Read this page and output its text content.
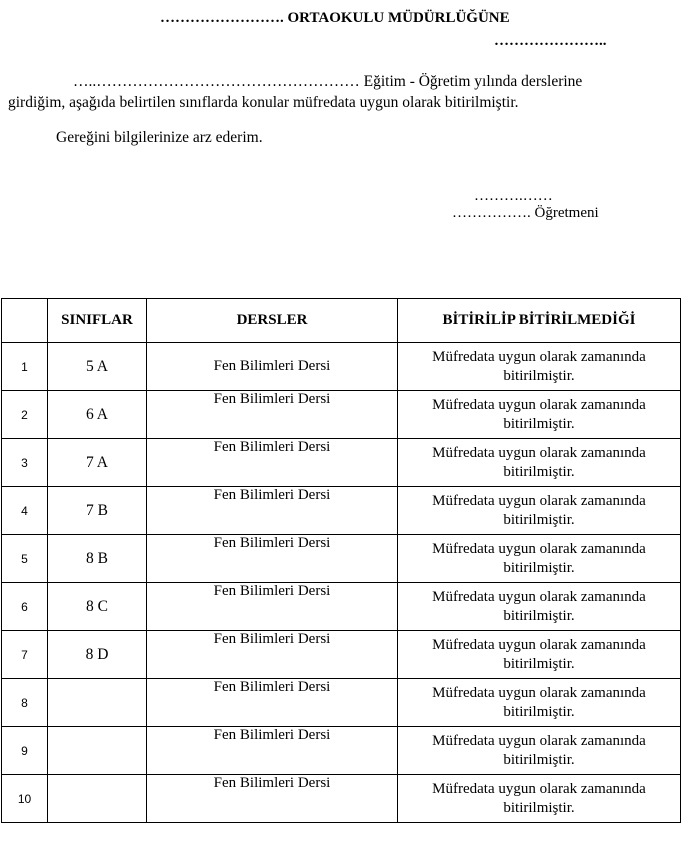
……………………. ORTAOKULU MÜDÜRLÜĞÜNE
…………………..
…..…………………………………………… Eğitim - Öğretim yılında derslerine
girdiğim, aşağıda belirtilen sınıflarda konular müfredata uygun olarak bitirilmiştir.
Gereğini bilgilerinize arz ederim.
……….……
……………. Öğretmeni
	SINIFLAR	DERSLER	BİTİRİLİP BİTİRİLMEDİĞİ
1	5 A	Fen Bilimleri Dersi	Müfredata uygun olarak zamanında
bitirilmiştir.
2	6 A	Fen Bilimleri Dersi	Müfredata uygun olarak zamanında
bitirilmiştir.
3	7 A	Fen Bilimleri Dersi	Müfredata uygun olarak zamanında
bitirilmiştir.
4	7 B	Fen Bilimleri Dersi	Müfredata uygun olarak zamanında
bitirilmiştir.
5	8 B	Fen Bilimleri Dersi	Müfredata uygun olarak zamanında
bitirilmiştir.
6	8 C	Fen Bilimleri Dersi	Müfredata uygun olarak zamanında
bitirilmiştir.
7	8 D	Fen Bilimleri Dersi	Müfredata uygun olarak zamanında
bitirilmiştir.
8		Fen Bilimleri Dersi	Müfredata uygun olarak zamanında
bitirilmiştir.
9		Fen Bilimleri Dersi	Müfredata uygun olarak zamanında
bitirilmiştir.
10		Fen Bilimleri Dersi	Müfredata uygun olarak zamanında
bitirilmiştir.
